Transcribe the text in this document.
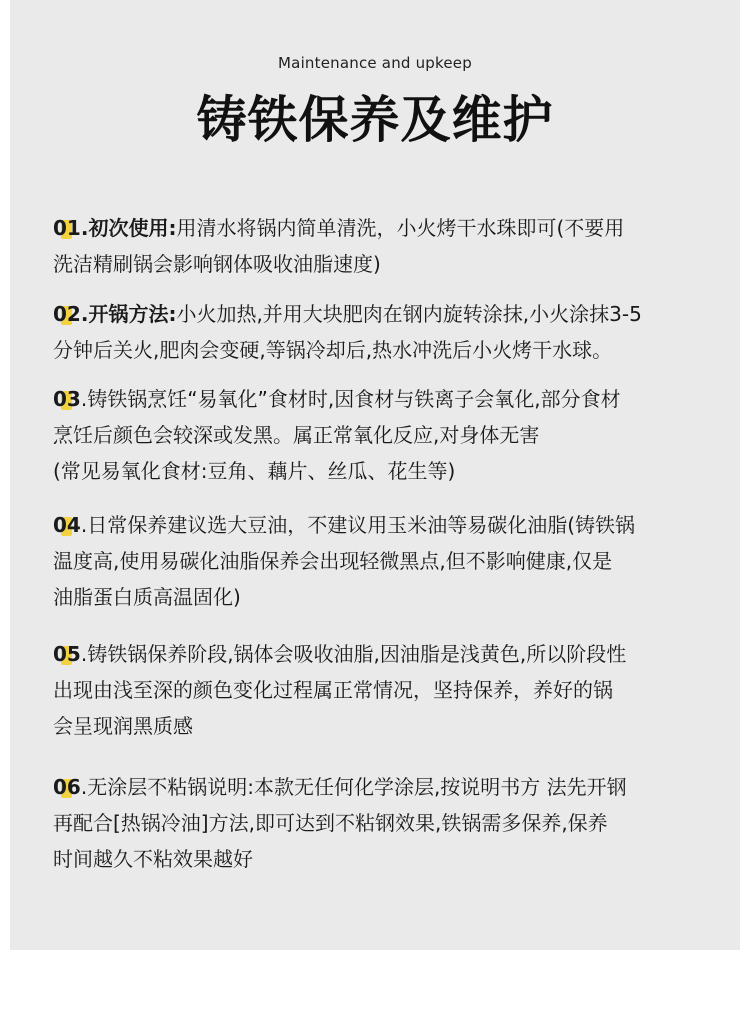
Maintenance and upkeep
铸铁保养及维护
01.初次使用:用清水将锅内简单清洗，小火烤干水珠即可(不要用
洗洁精刷锅会影响钢体吸收油脂速度)
02.开锅方法:小火加热,并用大块肥肉在钢内旋转涂抹,小火涂抹3-5
分钟后关火,肥肉会变硬,等锅冷却后,热水冲洗后小火烤干水球。
03.铸铁锅烹饪“易氧化”食材时,因食材与铁离子会氧化,部分食材
烹饪后颜色会较深或发黑。属正常氧化反应,对身体无害
(常见易氧化食材:豆角、藕片、丝瓜、花生等)
04.日常保养建议选大豆油，不建议用玉米油等易碳化油脂(铸铁锅
温度高,使用易碳化油脂保养会出现轻微黑点,但不影响健康,仅是
油脂蛋白质高温固化)
05.铸铁锅保养阶段,锅体会吸收油脂,因油脂是浅黄色,所以阶段性
出现由浅至深的颜色变化过程属正常情况，坚持保养，养好的锅
会呈现润黑质感
06.无涂层不粘锅说明:本款无任何化学涂层,按说明书方 法先开钢
再配合[热锅冷油]方法,即可达到不粘钢效果,铁锅需多保养,保养
时间越久不粘效果越好
